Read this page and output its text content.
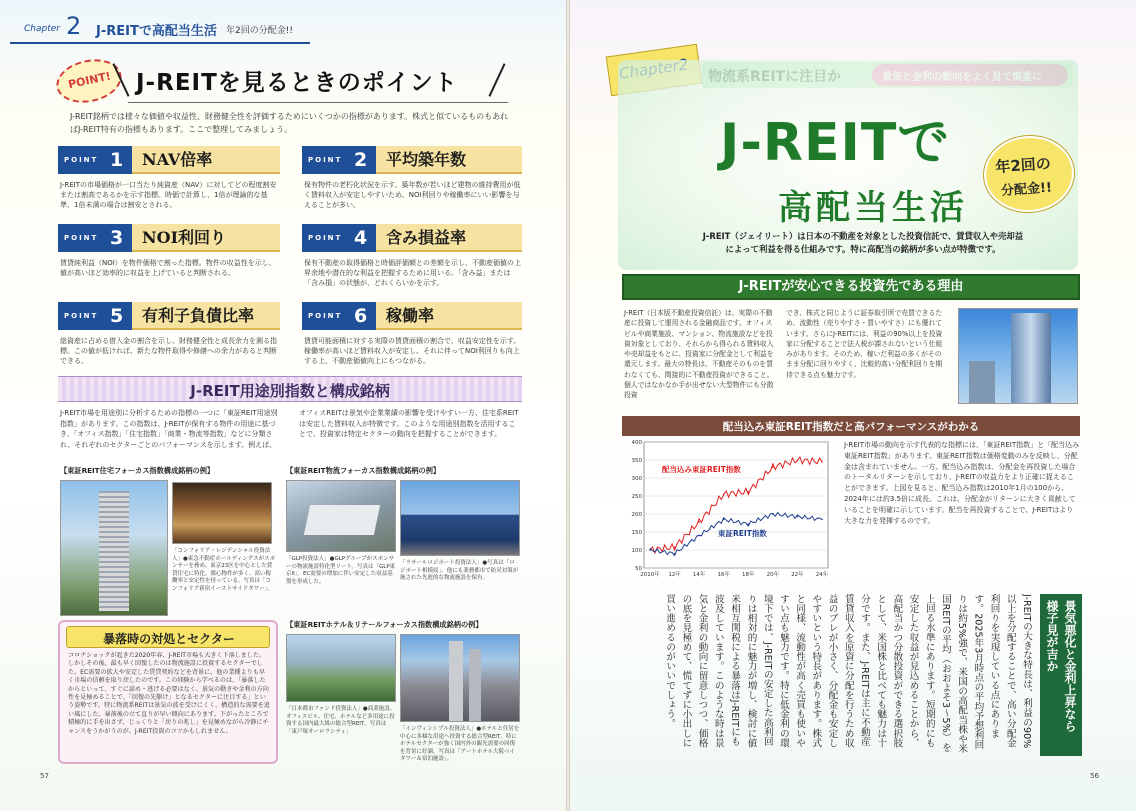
Chapter 2 J-REITで高配当生活 年2回の分配金!!
POINT! J-REITを見るときのポイント
J-REIT銘柄では様々な価値や収益性、財務健全性を評価するためにいくつかの指標があります。株式と似ているものもあればJ-REIT特有の指標もあります。ここで整理してみましょう。
POINT 1 NAV倍率
J-REITの市場価格が一口当たり純資産（NAV）に対してどの程度割安または割高であるかを示す指標。時価で計算し、1倍が理論的な基準、1倍未満の場合は割安とされる。
POINT 2 平均築年数
保有物件の老朽化状況を示す。築年数が若いほど建物の維持費用が低く賃料収入が安定しやすいため、NOI利回りや稼働率にいい影響を与えることが多い。
POINT 3 NOI利回り
賃貸純利益（NOI）を物件価格で割った指標。物件の収益性を示し、値が高いほど効率的に収益を上げていると判断される。
POINT 4 含み損益率
保有不動産の取得価格と時価評価額との差額を示し、不動産価値の上昇余地や潜在的な利益を把握するために用いる。「含み益」または「含み損」の状態が、どれくらいかを示す。
POINT 5 有利子負債比率
総資産に占める借入金の割合を示し、財務健全性と成長余力を測る指標。この値が低ければ、新たな物件取得や修繕への余力があると判断できる。
POINT 6 稼働率
賃貸可能面積に対する実際の賃貸面積の割合で、収益安定性を示す。稼働率が高いほど賃料収入が安定し、それに伴ってNOI利回りも向上する上、不動産価値向上にもつながる。
J-REIT用途別指数と構成銘柄
J-REIT市場を用途別に分析するための指標の一つに「東証REIT用途別指数」があります。この指数は、J-REITが保有する物件の用途に基づき、「オフィス指数」「住宅指数」「商業・物流等指数」などに分類され、それぞれのセクターごとのパフォーマンスを示します。例えば、オフィスREITは景気や企業業績の影響を受けやすい一方、住宅系REITは安定した賃料収入が特徴です。このような用途別指数を活用することで、投資家は特定セクターの動向を把握することができます。
【東証REIT住宅フォーカス指数構成銘柄の例】
「コンフォリア・レジデンシャル投資法人」●東急不動産ホールディングスがスポンサーを務め、東京23区を中心とした賃貸住宅に特化。都心物件が多く、高い稼働率と安定性を持っている。写真は「コンフォリア新宿イーストサイドタワー」。
【東証REIT物流フォーカス指数構成銘柄の例】
「GLP投資法人」●GLPグループがスポンサーの物流施設特化型リート。写真は「GLP東京II」。EC需要の増加に伴い安定した収益基盤を形成した。
「ラサールロジポート投資法人」●写真は「ロジポート相模原」。他にも業務都市で防災対策が施された先進的な物流施設を保有。
【東証REITホテル＆リテールフォーカス指数構成銘柄の例】
「日本都市ファンド投資法人」●商業施設、オフィスビル、住宅、ホテルなど多用途に投資する国内最大級の総合型REIT。写真は「東戸塚オーロラシティ」	「インヴィンシブル投資法人」●ホテルと住居を中心に多様な用途へ投資する総合型REIT。特にホテルセクターが強く国内外の観光需要の回復を背景に好調。写真は「アートホテル大阪ベイタワー＆宿泊施設」。
暴落時の対処とセクター
コロナショックが起きた2020年春、J-REIT市場も大きく下落しました。しかしその後、最も早く回復したのは物流施設に投資するセクターでした。EC需要の拡大や安定した賃貸契約などを背景に、他の業種よりも早く市場の信頼を取り戻したのです。この経験から学べるのは、「暴落したからといって、すぐに諦め・逃げる必要はなく、景気の動きや金利の方向性を見極めることで、「回復の先駆け」となるセクターに注目する」という姿勢です。特に物流系REITは景気の波を受けにくく、構造的な需要を追い風にした、暴落後の立て直りが早い傾向にあります。下がったところで積極的に手を出さず、じっくりと「戻りの兆し」を見極めながら冷静にチャンスをうかがうのが、J-REIT投資のコツかもしれません。
57
J-REITで
高配当生活
年2回の
分配金!!
J-REIT（ジェイリート）は日本の不動産を対象とした投資信託で、賃貸収入や売却益
によって利益を得る仕組みです。特に高配当の銘柄が多い点が特徴です。
J-REITが安心できる投資先である理由
J-REIT（日本版不動産投資信託）は、実際の不動産に投資して運用される金融商品です。オフィスビルや商業施設、マンション、物流施設などを投資対象としており、それらから得られる賃料収入や売却益をもとに、投資家に分配金として利益を還元します。最大の特長は、不動産そのものを買わなくても、間接的に不動産投資ができること。個人ではなかなか手が出せない大型物件にも分散投資
でき、株式と同じように証券取引所で売買できるため、流動性（売りやすさ・買いやすさ）にも優れています。さらにJ-REITには、利益の90%以上を投資家に分配することで法人税が課されないという仕組みがあります。そのため、稼いだ利益の多くがそのまま分配に回りやすく、比較的高い分配利回りを期待できる点も魅力です。
配当込み東証REIT指数だと高パフォーマンスがわかる
50
100
150
200
250
300
350
400
2010年 12年 14年 16年 18年 20年 22年 24年
配当込み東証REIT指数
東証REIT指数
J-REIT市場の動向を示す代表的な指標には、「東証REIT指数」と「配当込み東証REIT指数」があります。東証REIT指数は価格変動のみを反映し、分配金は含まれていません。一方、配当込み指数は、分配金を再投資した場合のトータルリターンを示しており、J-REITの収益力をより正確に捉えることができます。上図を見ると、配当込み指数は2010年1月の100から、2024年には約3.5倍に成長。これは、分配金がリターンに大きく貢献していることを明確に示しています。配当を再投資することで、J-REITはより大きな力を発揮するのです。
景気悪化と金利上昇なら
様子見が吉か
J-REITの大きな特長は、利益の90%以上を分配することで、高い分配金利回りを実現している点にあります。2025年3月時点の平均予想利回りは約5%強で、米国の高配当株や米国REITの平均（おおよそ3〜5%）を上回る水準にあります。短期的にも安定した収益が見込めることから、高配当かつ分散投資ができる選択肢として、米国株と比べても魅力は十分です。また、J-REITは主に不動産賃貸収入を原資に分配を行うため収益のブレが小さく、分配金も安定しやすいという特長があります。株式と同様、流動性が高く売買も使いやすい点も魅力です。特に低金利の環境下では、J-REITの安定した高利回りは相対的に魅力が増し、検討に値
米相互関税による暴落はJ-REITにも波及しています。このような時は景気と金利の動向に留意しつつ、価格の底を見極めて、慌てずに小出しに買い進めるのがいいでしょう。
56
